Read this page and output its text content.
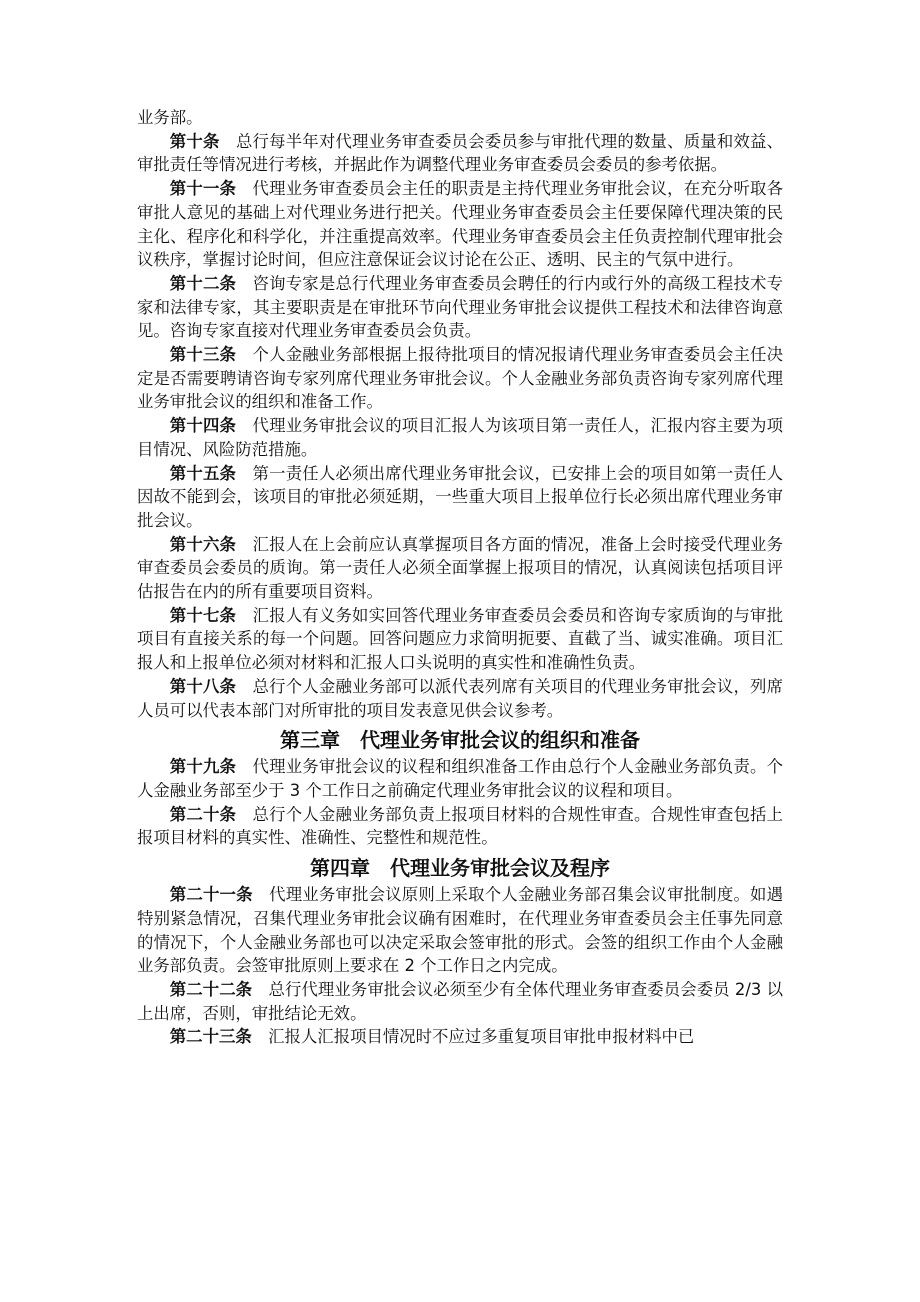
业务部。

第十条 总行每半年对代理业务审查委员会委员参与审批代理的数量、质量和效益、审批责任等情况进行考核，并据此作为调整代理业务审查委员会委员的参考依据。

第十一条 代理业务审查委员会主任的职责是主持代理业务审批会议，在充分听取各审批人意见的基础上对代理业务进行把关。代理业务审查委员会主任要保障代理决策的民主化、程序化和科学化，并注重提高效率。代理业务审查委员会主任负责控制代理审批会议秩序，掌握讨论时间，但应注意保证会议讨论在公正、透明、民主的气氛中进行。

第十二条 咨询专家是总行代理业务审查委员会聘任的行内或行外的高级工程技术专家和法律专家，其主要职责是在审批环节向代理业务审批会议提供工程技术和法律咨询意见。咨询专家直接对代理业务审查委员会负责。

第十三条 个人金融业务部根据上报待批项目的情况报请代理业务审查委员会主任决定是否需要聘请咨询专家列席代理业务审批会议。个人金融业务部负责咨询专家列席代理业务审批会议的组织和准备工作。

第十四条 代理业务审批会议的项目汇报人为该项目第一责任人，汇报内容主要为项目情况、风险防范措施。

第十五条 第一责任人必须出席代理业务审批会议，已安排上会的项目如第一责任人因故不能到会，该项目的审批必须延期，一些重大项目上报单位行长必须出席代理业务审批会议。

第十六条 汇报人在上会前应认真掌握项目各方面的情况，准备上会时接受代理业务审查委员会委员的质询。第一责任人必须全面掌握上报项目的情况，认真阅读包括项目评估报告在内的所有重要项目资料。

第十七条 汇报人有义务如实回答代理业务审查委员会委员和咨询专家质询的与审批项目有直接关系的每一个问题。回答问题应力求简明扼要、直截了当、诚实准确。项目汇报人和上报单位必须对材料和汇报人口头说明的真实性和准确性负责。

第十八条 总行个人金融业务部可以派代表列席有关项目的代理业务审批会议，列席人员可以代表本部门对所审批的项目发表意见供会议参考。

第三章　代理业务审批会议的组织和准备

第十九条 代理业务审批会议的议程和组织准备工作由总行个人金融业务部负责。个人金融业务部至少于 3 个工作日之前确定代理业务审批会议的议程和项目。

第二十条 总行个人金融业务部负责上报项目材料的合规性审查。合规性审查包括上报项目材料的真实性、准确性、完整性和规范性。

第四章　代理业务审批会议及程序

第二十一条 代理业务审批会议原则上采取个人金融业务部召集会议审批制度。如遇特别紧急情况，召集代理业务审批会议确有困难时，在代理业务审查委员会主任事先同意的情况下，个人金融业务部也可以决定采取会签审批的形式。会签的组织工作由个人金融业务部负责。会签审批原则上要求在 2 个工作日之内完成。

第二十二条 总行代理业务审批会议必须至少有全体代理业务审查委员会委员 2/3 以上出席，否则，审批结论无效。

第二十三条 汇报人汇报项目情况时不应过多重复项目审批申报材料中已
